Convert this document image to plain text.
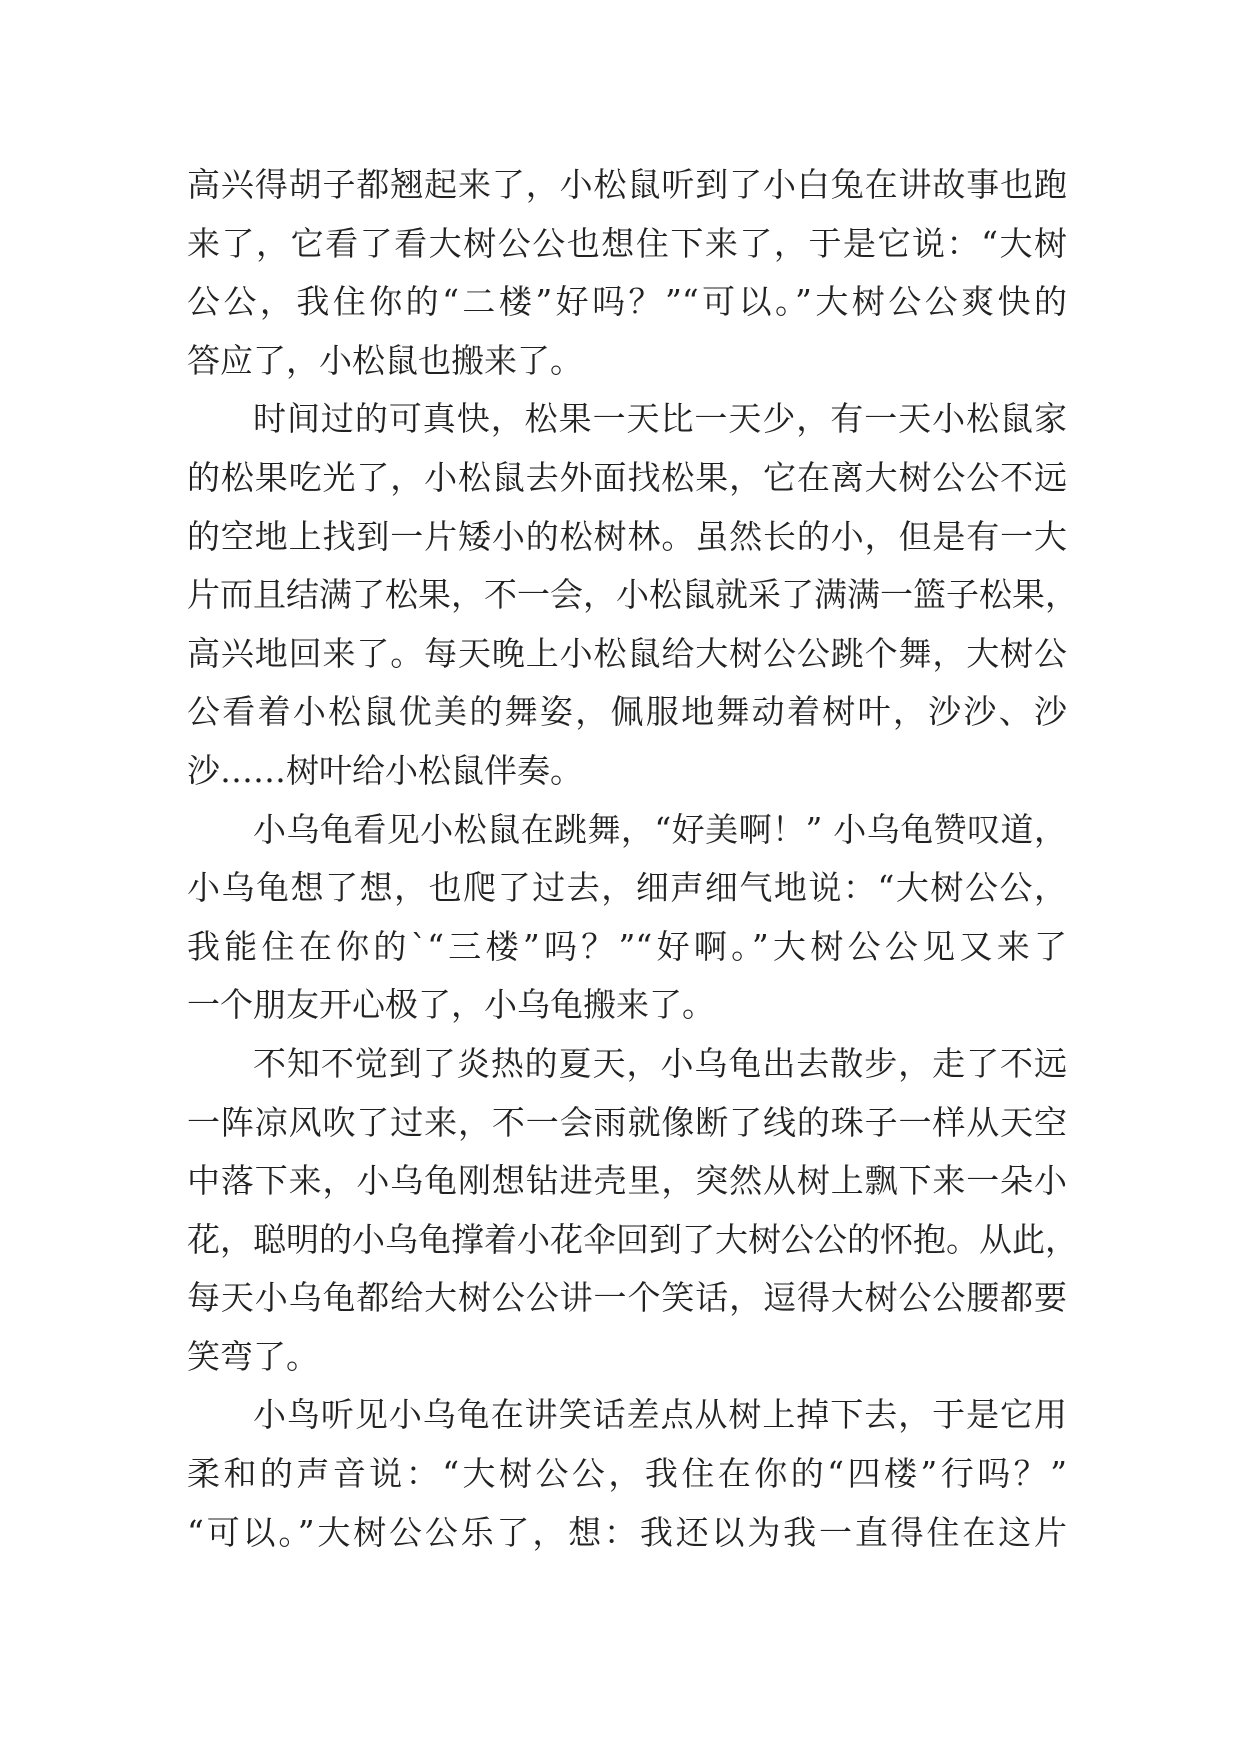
高兴得胡子都翘起来了，小松鼠听到了小白兔在讲故事也跑
来了，它看了看大树公公也想住下来了，于是它说：“大树
公公，我住你的“二楼”好吗？”“可以。”大树公公爽快的
答应了，小松鼠也搬来了。
时间过的可真快，松果一天比一天少，有一天小松鼠家
的松果吃光了，小松鼠去外面找松果，它在离大树公公不远
的空地上找到一片矮小的松树林。虽然长的小，但是有一大
片而且结满了松果，不一会，小松鼠就采了满满一篮子松果，
高兴地回来了。每天晚上小松鼠给大树公公跳个舞，大树公
公看着小松鼠优美的舞姿，佩服地舞动着树叶，沙沙、沙
沙……树叶给小松鼠伴奏。
小乌龟看见小松鼠在跳舞，“好美啊！” 小乌龟赞叹道，
小乌龟想了想，也爬了过去，细声细气地说：“大树公公，
我能住在你的`“三楼”吗？”“好啊。”大树公公见又来了
一个朋友开心极了，小乌龟搬来了。
不知不觉到了炎热的夏天，小乌龟出去散步，走了不远
一阵凉风吹了过来，不一会雨就像断了线的珠子一样从天空
中落下来，小乌龟刚想钻进壳里，突然从树上飘下来一朵小
花，聪明的小乌龟撑着小花伞回到了大树公公的怀抱。从此，
每天小乌龟都给大树公公讲一个笑话，逗得大树公公腰都要
笑弯了。
小鸟听见小乌龟在讲笑话差点从树上掉下去，于是它用
柔和的声音说：“大树公公，我住在你的“四楼”行吗？”
“可以。”大树公公乐了，想：我还以为我一直得住在这片
